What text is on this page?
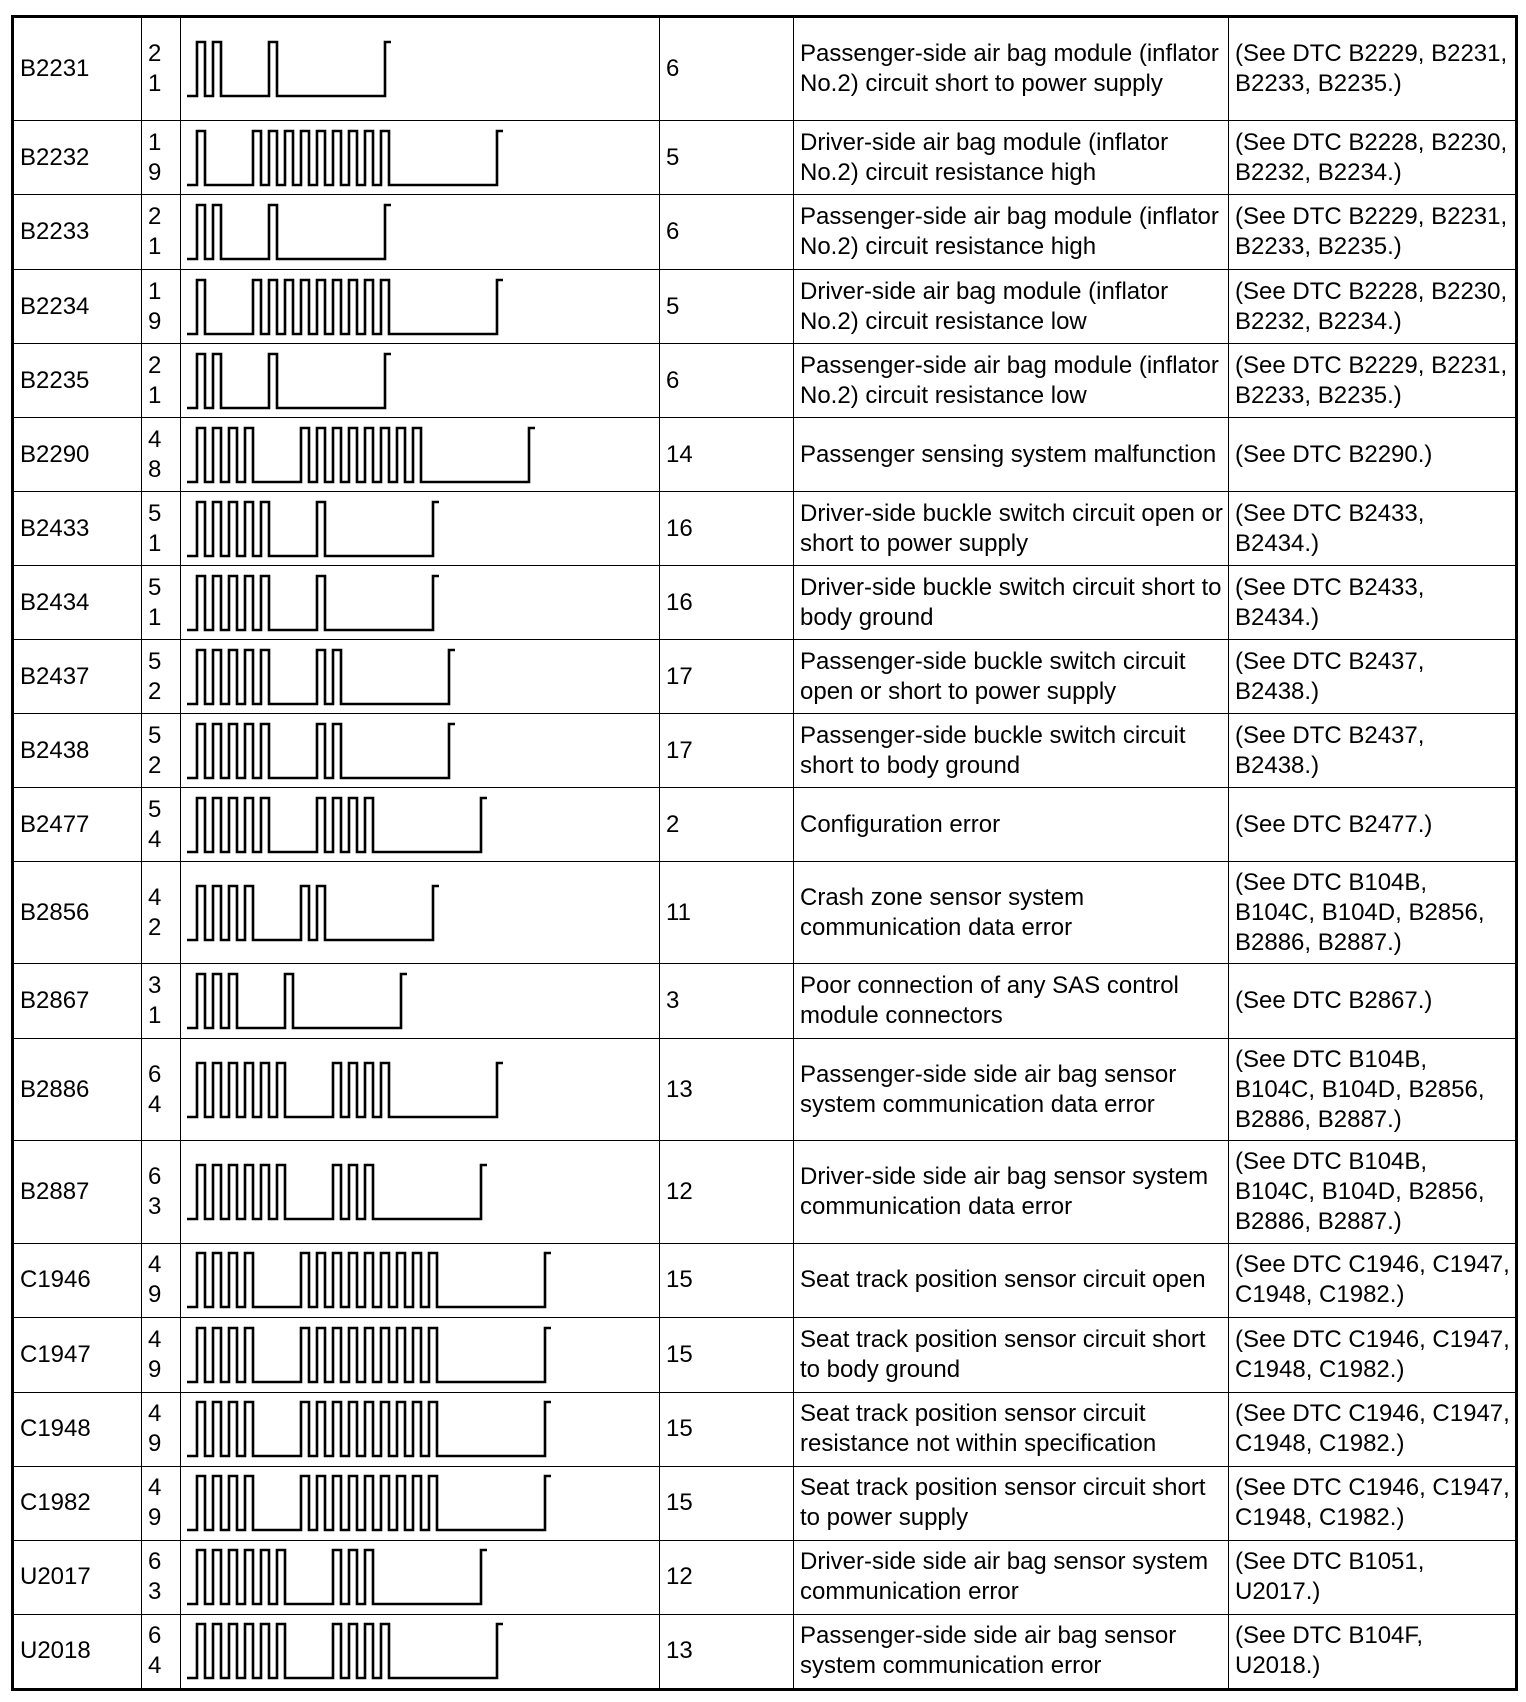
B2231	21		6	Passenger-side air bag module (inflator No.2) circuit short to power supply	(See DTC B2229, B2231, B2233, B2235.)
B2232	19		5	Driver-side air bag module (inflator No.2) circuit resistance high	(See DTC B2228, B2230, B2232, B2234.)
B2233	21		6	Passenger-side air bag module (inflator No.2) circuit resistance high	(See DTC B2229, B2231, B2233, B2235.)
B2234	19		5	Driver-side air bag module (inflator No.2) circuit resistance low	(See DTC B2228, B2230, B2232, B2234.)
B2235	21		6	Passenger-side air bag module (inflator No.2) circuit resistance low	(See DTC B2229, B2231, B2233, B2235.)
B2290	48		14	Passenger sensing system malfunction	(See DTC B2290.)
B2433	51		16	Driver-side buckle switch circuit open or short to power supply	(See DTC B2433, B2434.)
B2434	51		16	Driver-side buckle switch circuit short to body ground	(See DTC B2433, B2434.)
B2437	52		17	Passenger-side buckle switch circuit open or short to power supply	(See DTC B2437, B2438.)
B2438	52		17	Passenger-side buckle switch circuit short to body ground	(See DTC B2437, B2438.)
B2477	54		2	Configuration error	(See DTC B2477.)
B2856	42		11	Crash zone sensor system communication data error	(See DTC B104B, B104C, B104D, B2856, B2886, B2887.)
B2867	31		3	Poor connection of any SAS control module connectors	(See DTC B2867.)
B2886	64		13	Passenger-side side air bag sensor system communication data error	(See DTC B104B, B104C, B104D, B2856, B2886, B2887.)
B2887	63		12	Driver-side side air bag sensor system communication data error	(See DTC B104B, B104C, B104D, B2856, B2886, B2887.)
C1946	49		15	Seat track position sensor circuit open	(See DTC C1946, C1947, C1948, C1982.)
C1947	49		15	Seat track position sensor circuit short to body ground	(See DTC C1946, C1947, C1948, C1982.)
C1948	49		15	Seat track position sensor circuit resistance not within specification	(See DTC C1946, C1947, C1948, C1982.)
C1982	49		15	Seat track position sensor circuit short to power supply	(See DTC C1946, C1947, C1948, C1982.)
U2017	63		12	Driver-side side air bag sensor system communication error	(See DTC B1051, U2017.)
U2018	64		13	Passenger-side side air bag sensor system communication error	(See DTC B104F, U2018.)
